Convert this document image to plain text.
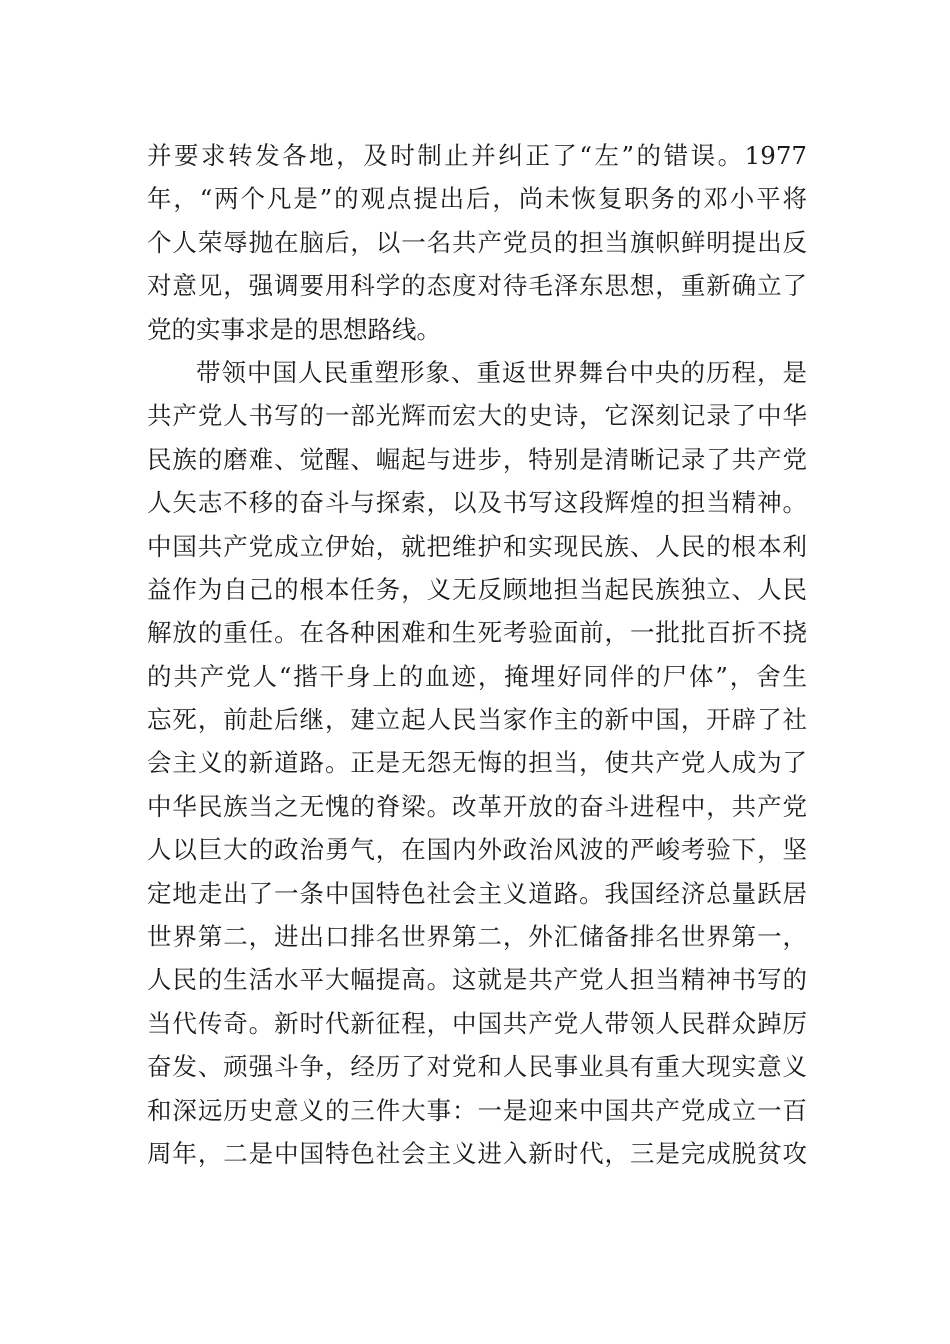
并要求转发各地，及时制止并纠正了“左”的错误。1977
年，“两个凡是”的观点提出后，尚未恢复职务的邓小平将
个人荣辱抛在脑后，以一名共产党员的担当旗帜鲜明提出反
对意见，强调要用科学的态度对待毛泽东思想，重新确立了
党的实事求是的思想路线。
带领中国人民重塑形象、重返世界舞台中央的历程，是
共产党人书写的一部光辉而宏大的史诗，它深刻记录了中华
民族的磨难、觉醒、崛起与进步，特别是清晰记录了共产党
人矢志不移的奋斗与探索，以及书写这段辉煌的担当精神。
中国共产党成立伊始，就把维护和实现民族、人民的根本利
益作为自己的根本任务，义无反顾地担当起民族独立、人民
解放的重任。在各种困难和生死考验面前，一批批百折不挠
的共产党人“揩干身上的血迹，掩埋好同伴的尸体”，舍生
忘死，前赴后继，建立起人民当家作主的新中国，开辟了社
会主义的新道路。正是无怨无悔的担当，使共产党人成为了
中华民族当之无愧的脊梁。改革开放的奋斗进程中，共产党
人以巨大的政治勇气，在国内外政治风波的严峻考验下，坚
定地走出了一条中国特色社会主义道路。我国经济总量跃居
世界第二，进出口排名世界第二，外汇储备排名世界第一，
人民的生活水平大幅提高。这就是共产党人担当精神书写的
当代传奇。新时代新征程，中国共产党人带领人民群众踔厉
奋发、顽强斗争，经历了对党和人民事业具有重大现实意义
和深远历史意义的三件大事：一是迎来中国共产党成立一百
周年，二是中国特色社会主义进入新时代，三是完成脱贫攻
